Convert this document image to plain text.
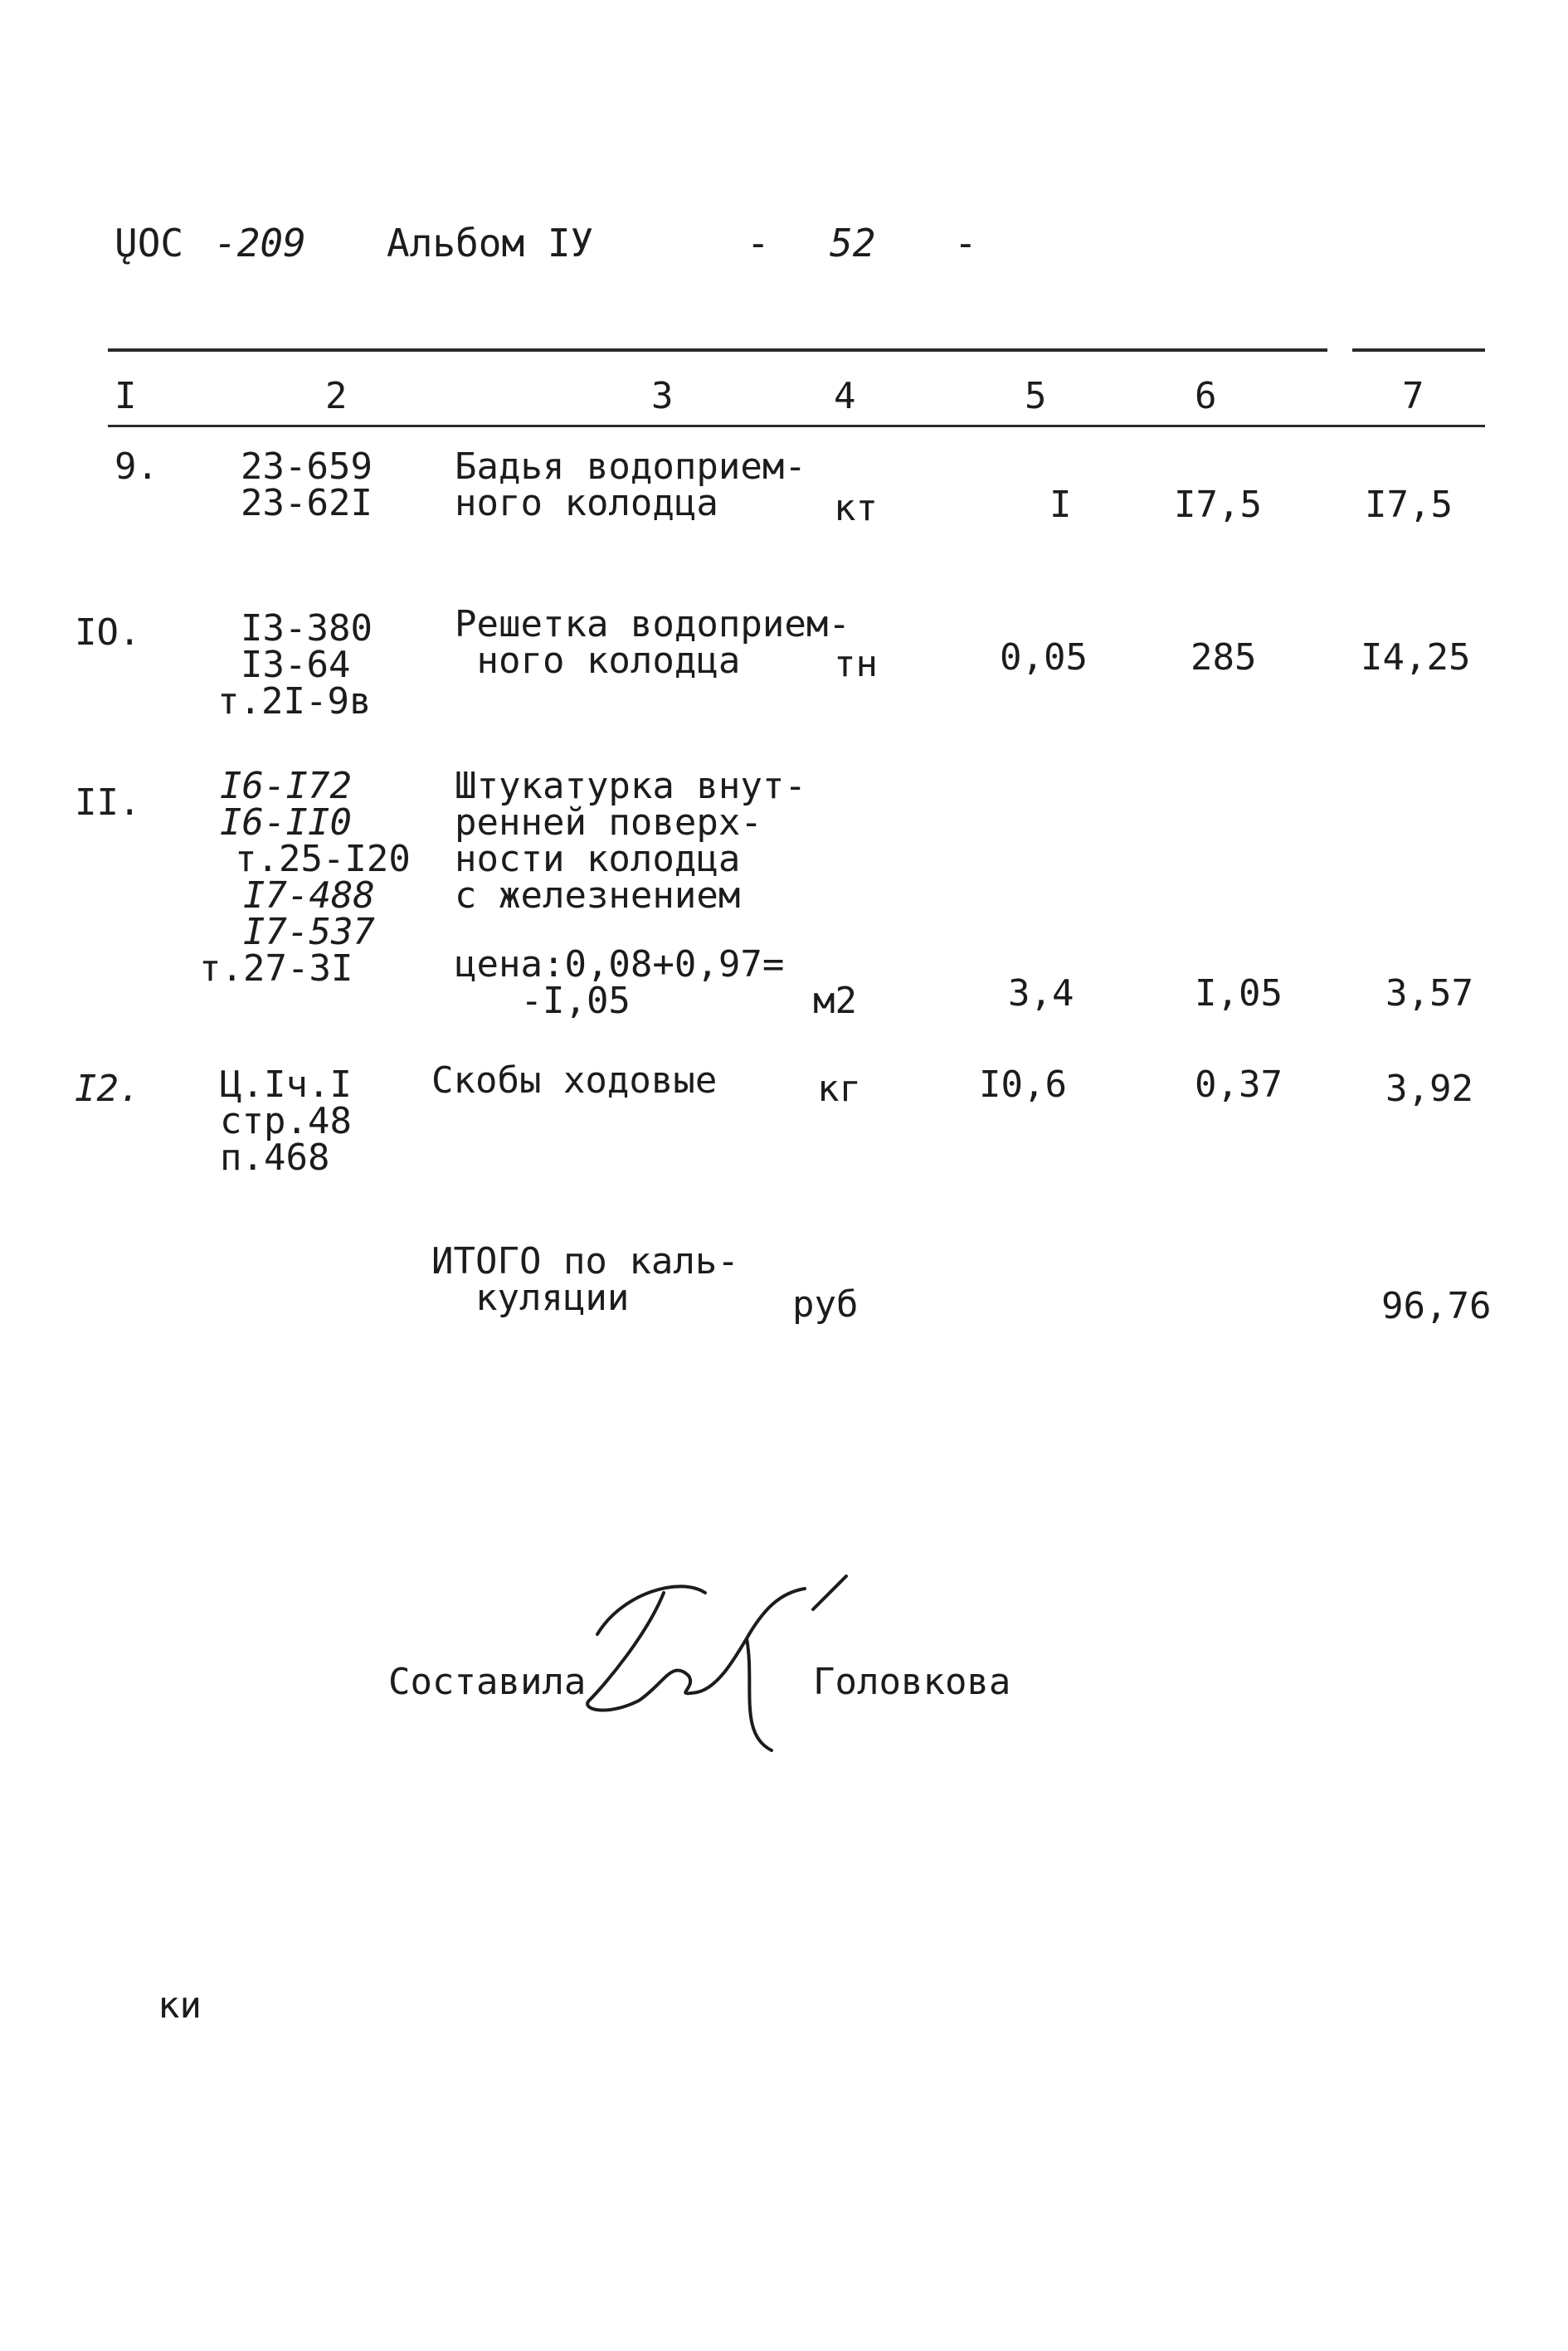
ŲOC -209 Альбом IУ	- 52 -
I	2	3	4	5	6	7
9. 23-659
23-62I
Бадья водоприем-
ного колодца	кт	I	I7,5	I7,5
IO.	I3-380
I3-64
т.2I-9в
Решетка водоприем-
ного колодца	тн	0,05	285	I4,25
II. I6-I72
I6-II0
т.25-I20
I7-488
I7-537
т.27-3I
Штукатурка внут-
ренней поверх-
ности колодца
с железнением
цена:0,08+0,97=
-I,05	м2	3,4	I,05	3,57
I2. Ц.Iч.I
стр.48
п.468
Скобы ходовые	кг	I0,6	0,37	3,92
ИТОГО по каль-
куляции	руб	96,76
Составила	Головкова
ки
